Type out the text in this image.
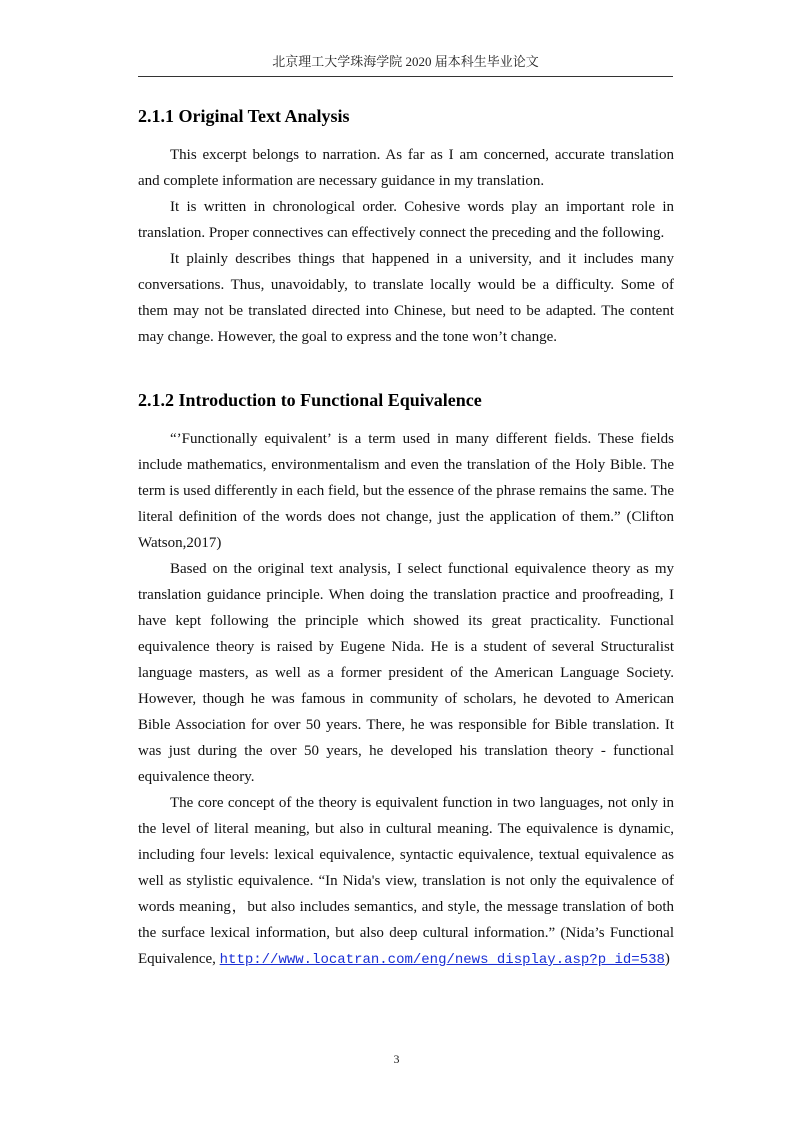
北京理工大学珠海学院 2020 届本科生毕业论文
2.1.1 Original Text Analysis

This excerpt belongs to narration. As far as I am concerned, accurate translation and complete information are necessary guidance in my translation.

It is written in chronological order. Cohesive words play an important role in translation. Proper connectives can effectively connect the preceding and the following.

It plainly describes things that happened in a university, and it includes many conversations. Thus, unavoidably, to translate locally would be a difficulty. Some of them may not be translated directed into Chinese, but need to be adapted. The content may change. However, the goal to express and the tone won’t change.

2.1.2 Introduction to Functional Equivalence

“’Functionally equivalent’ is a term used in many different fields. These fields include mathematics, environmentalism and even the translation of the Holy Bible. The term is used differently in each field, but the essence of the phrase remains the same. The literal definition of the words does not change, just the application of them.” (Clifton Watson,2017)

Based on the original text analysis, I select functional equivalence theory as my translation guidance principle. When doing the translation practice and proofreading, I have kept following the principle which showed its great practicality. Functional equivalence theory is raised by Eugene Nida. He is a student of several Structuralist language masters, as well as a former president of the American Language Society. However, though he was famous in community of scholars, he devoted to American Bible Association for over 50 years. There, he was responsible for Bible translation. It was just during the over 50 years, he developed his translation theory - functional equivalence theory.

The core concept of the theory is equivalent function in two languages, not only in the level of literal meaning, but also in cultural meaning. The equivalence is dynamic, including four levels: lexical equivalence, syntactic equivalence, textual equivalence as well as stylistic equivalence. “In Nida's view, translation is not only the equivalence of words meaning，but also includes semantics, and style, the message translation of both the surface lexical information, but also deep cultural information.” (Nida’s Functional Equivalence, http://www.locatran.com/eng/news_display.asp?p_id=538)

3
